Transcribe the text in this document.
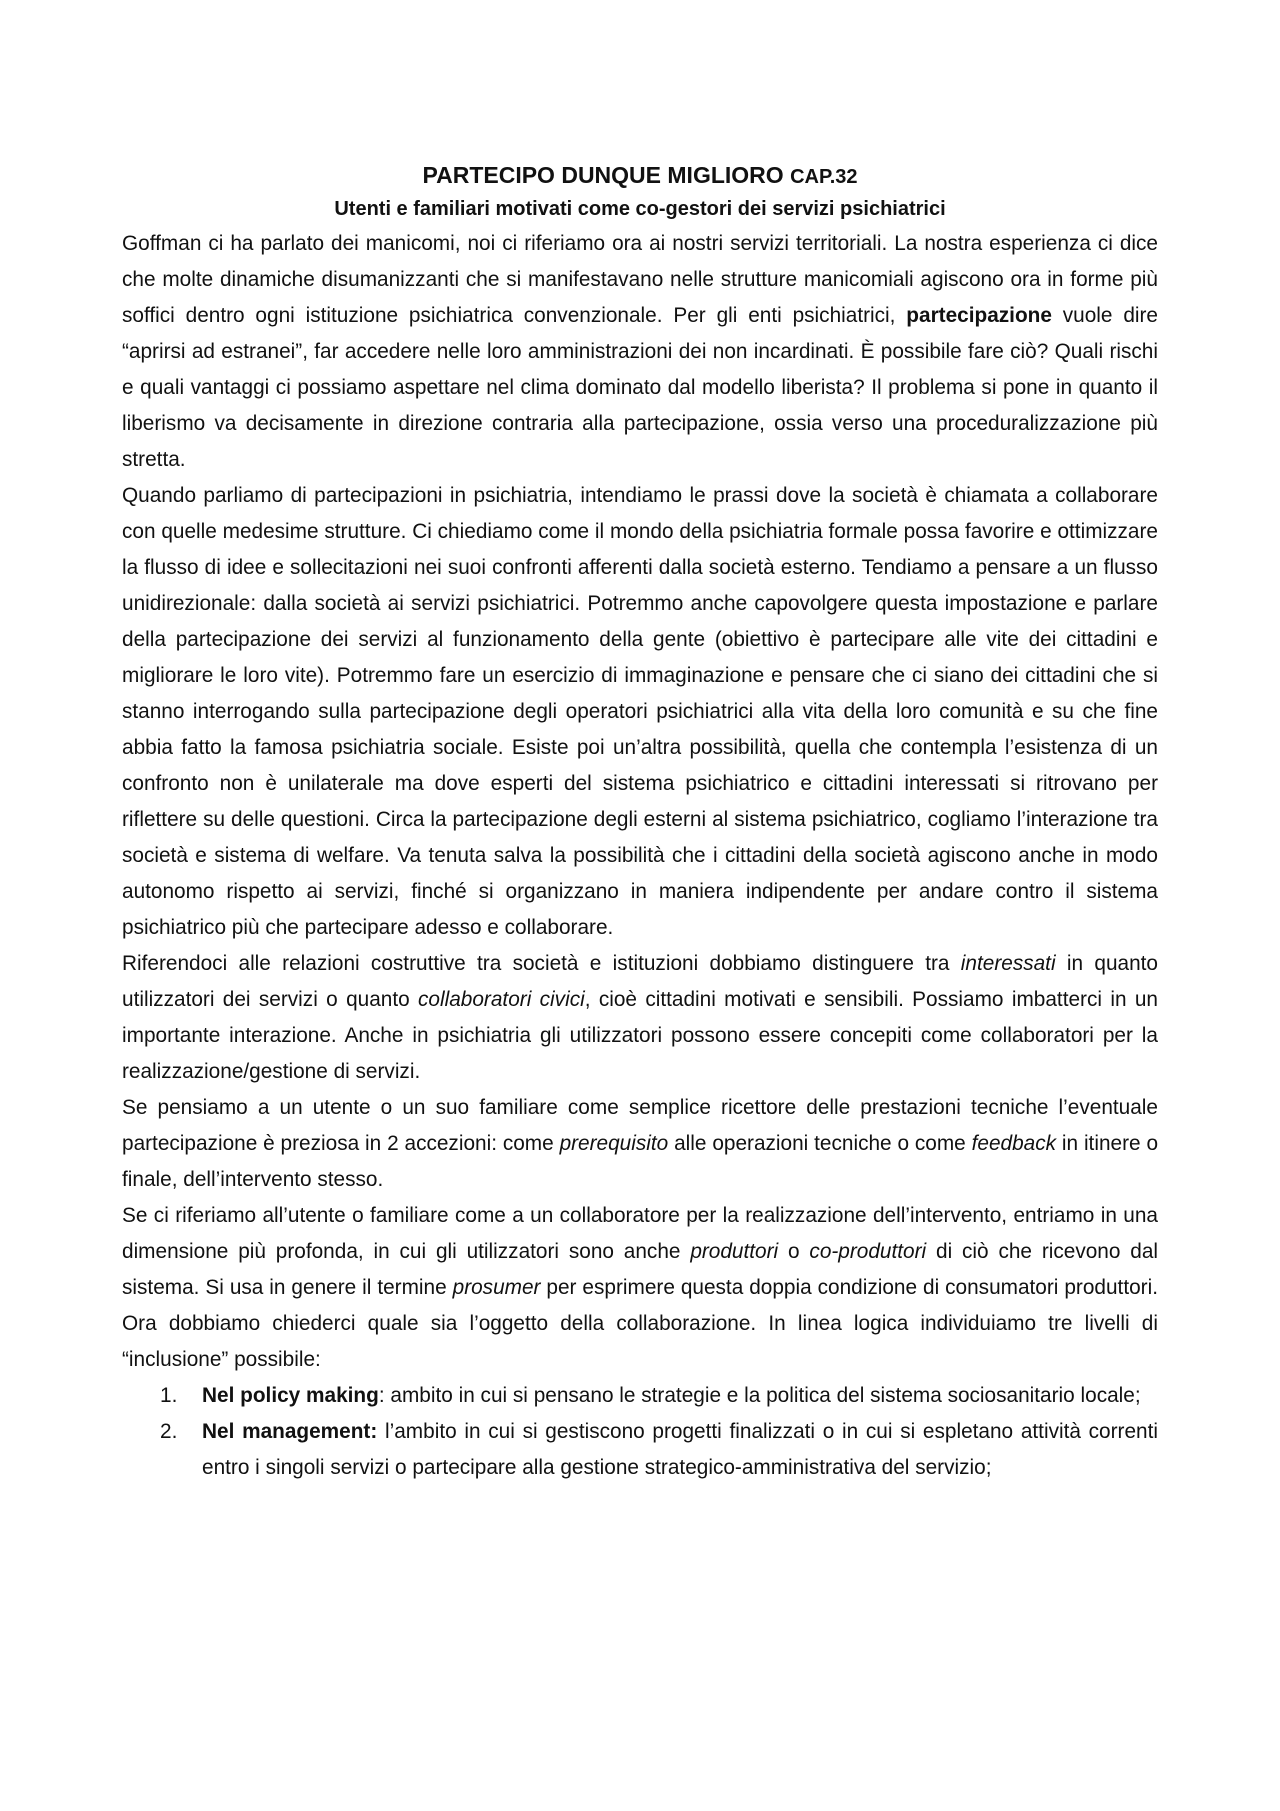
PARTECIPO DUNQUE MIGLIORO CAP.32
Utenti e familiari motivati come co-gestori dei servizi psichiatrici

Goffman ci ha parlato dei manicomi, noi ci riferiamo ora ai nostri servizi territoriali. La nostra esperienza ci dice che molte dinamiche disumanizzanti che si manifestavano nelle strutture manicomiali agiscono ora in forme più soffici dentro ogni istituzione psichiatrica convenzionale. Per gli enti psichiatrici, partecipazione vuole dire “aprirsi ad estranei”, far accedere nelle loro amministrazioni dei non incardinati. È possibile fare ciò? Quali rischi e quali vantaggi ci possiamo aspettare nel clima dominato dal modello liberista? Il problema si pone in quanto il liberismo va decisamente in direzione contraria alla partecipazione, ossia verso una proceduralizzazione più stretta.

Quando parliamo di partecipazioni in psichiatria, intendiamo le prassi dove la società è chiamata a collaborare con quelle medesime strutture. Ci chiediamo come il mondo della psichiatria formale possa favorire e ottimizzare la flusso di idee e sollecitazioni nei suoi confronti afferenti dalla società esterno. Tendiamo a pensare a un flusso unidirezionale: dalla società ai servizi psichiatrici. Potremmo anche capovolgere questa impostazione e parlare della partecipazione dei servizi al funzionamento della gente (obiettivo è partecipare alle vite dei cittadini e migliorare le loro vite). Potremmo fare un esercizio di immaginazione e pensare che ci siano dei cittadini che si stanno interrogando sulla partecipazione degli operatori psichiatrici alla vita della loro comunità e su che fine abbia fatto la famosa psichiatria sociale. Esiste poi un’altra possibilità, quella che contempla l’esistenza di un confronto non è unilaterale ma dove esperti del sistema psichiatrico e cittadini interessati si ritrovano per riflettere su delle questioni. Circa la partecipazione degli esterni al sistema psichiatrico, cogliamo l’interazione tra società e sistema di welfare. Va tenuta salva la possibilità che i cittadini della società agiscono anche in modo autonomo rispetto ai servizi, finché si organizzano in maniera indipendente per andare contro il sistema psichiatrico più che partecipare adesso e collaborare.

Riferendoci alle relazioni costruttive tra società e istituzioni dobbiamo distinguere tra interessati in quanto utilizzatori dei servizi o quanto collaboratori civici, cioè cittadini motivati e sensibili. Possiamo imbatterci in un importante interazione. Anche in psichiatria gli utilizzatori possono essere concepiti come collaboratori per la realizzazione/gestione di servizi.

Se pensiamo a un utente o un suo familiare come semplice ricettore delle prestazioni tecniche l’eventuale partecipazione è preziosa in 2 accezioni: come prerequisito alle operazioni tecniche o come feedback in itinere o finale, dell’intervento stesso.

Se ci riferiamo all’utente o familiare come a un collaboratore per la realizzazione dell’intervento, entriamo in una dimensione più profonda, in cui gli utilizzatori sono anche produttori o co-produttori di ciò che ricevono dal sistema. Si usa in genere il termine prosumer per esprimere questa doppia condizione di consumatori produttori. Ora dobbiamo chiederci quale sia l’oggetto della collaborazione. In linea logica individuiamo tre livelli di “inclusione” possibile:

1. Nel policy making: ambito in cui si pensano le strategie e la politica del sistema sociosanitario locale;
2. Nel management: l’ambito in cui si gestiscono progetti finalizzati o in cui si espletano attività correnti entro i singoli servizi o partecipare alla gestione strategico-amministrativa del servizio;
